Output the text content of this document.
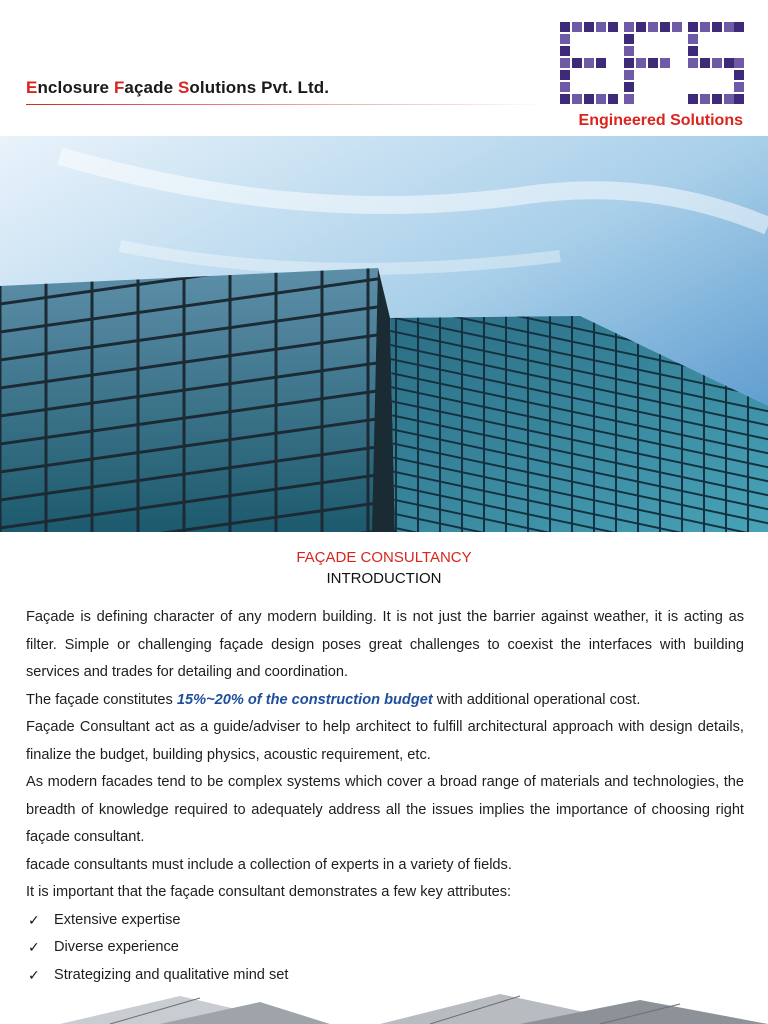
Enclosure Façade Solutions Pvt. Ltd.
Engineered Solutions
FAÇADE CONSULTANCY
INTRODUCTION

Façade is defining character of any modern building. It is not just the barrier against weather, it is acting as filter. Simple or challenging façade design poses great challenges to coexist the interfaces with building services and trades for detailing and coordination.

The façade constitutes 15%~20% of the construction budget with additional operational cost.

Façade Consultant act as a guide/adviser to help architect to fulfill architectural approach with design details, finalize the budget, building physics, acoustic requirement, etc.

As modern facades tend to be complex systems which cover a broad range of materials and technologies, the breadth of knowledge required to adequately address all the issues implies the importance of choosing right façade consultant.

facade consultants must include a collection of experts in a variety of fields.

It is important that the façade consultant demonstrates a few key attributes:

✓ Extensive expertise
✓ Diverse experience
✓ Strategizing and qualitative mind set
